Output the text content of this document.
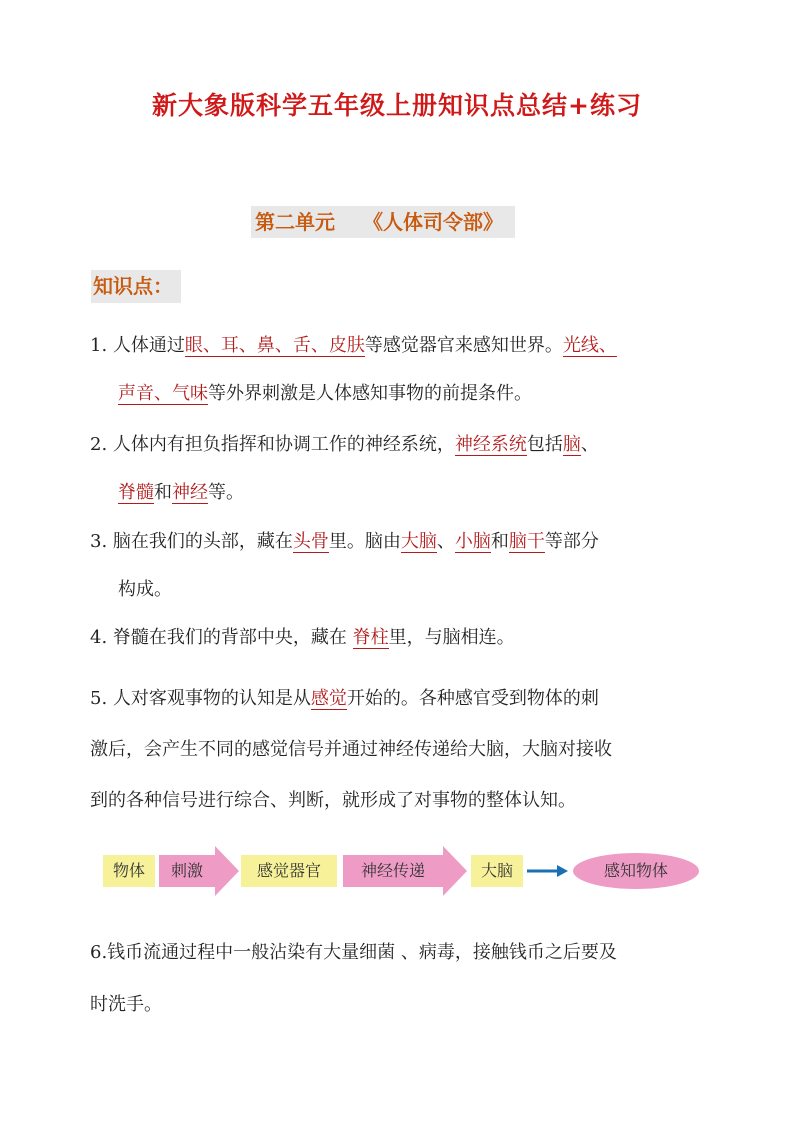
新大象版科学五年级上册知识点总结+练习
第二单元 《人体司令部》
知识点：
1. 人体通过眼、耳、鼻、舌、皮肤等感觉器官来感知世界。光线、
声音、气味等外界刺激是人体感知事物的前提条件。
2. 人体内有担负指挥和协调工作的神经系统，神经系统包括脑、
脊髓和神经等。
3. 脑在我们的头部，藏在头骨里。脑由大脑、小脑和脑干等部分
构成。
4. 脊髓在我们的背部中央，藏在 脊柱里，与脑相连。
5. 人对客观事物的认知是从感觉开始的。各种感官受到物体的刺
激后，会产生不同的感觉信号并通过神经传递给大脑，大脑对接收
到的各种信号进行综合、判断，就形成了对事物的整体认知。
物体	刺激	感觉器官	神经传递	大脑	感知物体
6.钱币流通过程中一般沾染有大量细菌 、病毒，接触钱币之后要及
时洗手。
